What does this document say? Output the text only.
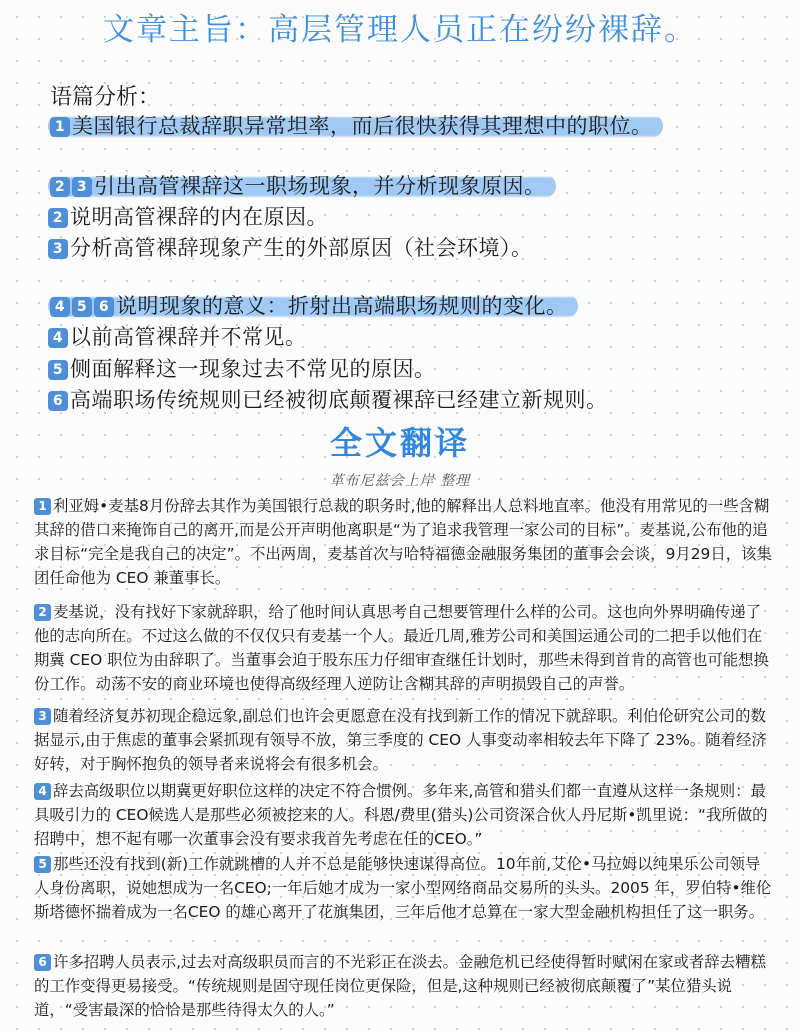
文章主旨：高层管理人员正在纷纷裸辞。
语篇分析：
1 美国银行总裁辞职异常坦率，而后很快获得其理想中的职位。
2 3 引出高管裸辞这一职场现象，并分析现象原因。
2 说明高管裸辞的内在原因。
3 分析高管裸辞现象产生的外部原因（社会环境）。
4 5 6 说明现象的意义：折射出高端职场规则的变化。
4 以前高管裸辞并不常见。
5 侧面解释这一现象过去不常见的原因。
6 高端职场传统规则已经被彻底颠覆裸辞已经建立新规则。
全文翻译
革布尼兹会上岸 整理
1 利亚姆•麦基8月份辞去其作为美国银行总裁的职务时,他的解释出人总料地直率。他没有用常见的一些含糊其辞的借口来掩饰自己的离开,而是公开声明他离职是“为了追求我管理一家公司的目标”。麦基说,公布他的追求目标“完全是我自己的决定”。不出两周，麦基首次与哈特福德金融服务集团的董事会会谈，9月29日，该集团任命他为 CEO 兼董事长。
2 麦基说，没有找好下家就辞职，给了他时间认真思考自己想要管理什么样的公司。这也向外界明确传递了他的志向所在。不过这么做的不仅仅只有麦基一个人。最近几周,雅芳公司和美国运通公司的二把手以他们在期冀 CEO 职位为由辞职了。当董事会迫于股东压力仔细审查继任计划时，那些未得到首肯的高管也可能想换份工作。动荡不安的商业环境也使得高级经理人逆防让含糊其辞的声明损毁自己的声誉。
3 随着经济复苏初现企稳远象,副总们也许会更愿意在没有找到新工作的情况下就辞职。利伯伦研究公司的数据显示,由于焦虑的董事会紧抓现有领导不放，第三季度的 CEO 人事变动率相较去年下降了 23%。随着经济好转，对于胸怀抱负的领导者来说将会有很多机会。
4 辞去高级职位以期冀更好职位这样的决定不符合惯例。多年来,高管和猎头们都一直遵从这样一条规则：最具吸引力的 CEO候选人是那些必须被挖来的人。科恩/费里(猎头)公司资深合伙人丹尼斯•凯里说：“我所做的招聘中，想不起有哪一次董事会没有要求我首先考虑在任的CEO。”
5 那些还没有找到(新)工作就跳槽的人并不总是能够快速谋得高位。10年前,艾伦•马拉姆以纯果乐公司领导人身份离职，说她想成为一名CEO;一年后她才成为一家小型网络商品交易所的头头。2005 年，罗伯特•维伦斯塔德怀揣着成为一名CEO 的雄心离开了花旗集团，三年后他才总算在一家大型金融机构担任了这一职务。
6 许多招聘人员表示,过去对高级职员而言的不光彩正在淡去。金融危机已经使得暂时赋闲在家或者辞去糟糕的工作变得更易接受。“传统规则是固守现任岗位更保险，但是,这种规则已经被彻底颠覆了”某位猎头说道，“受害最深的恰恰是那些待得太久的人。”
